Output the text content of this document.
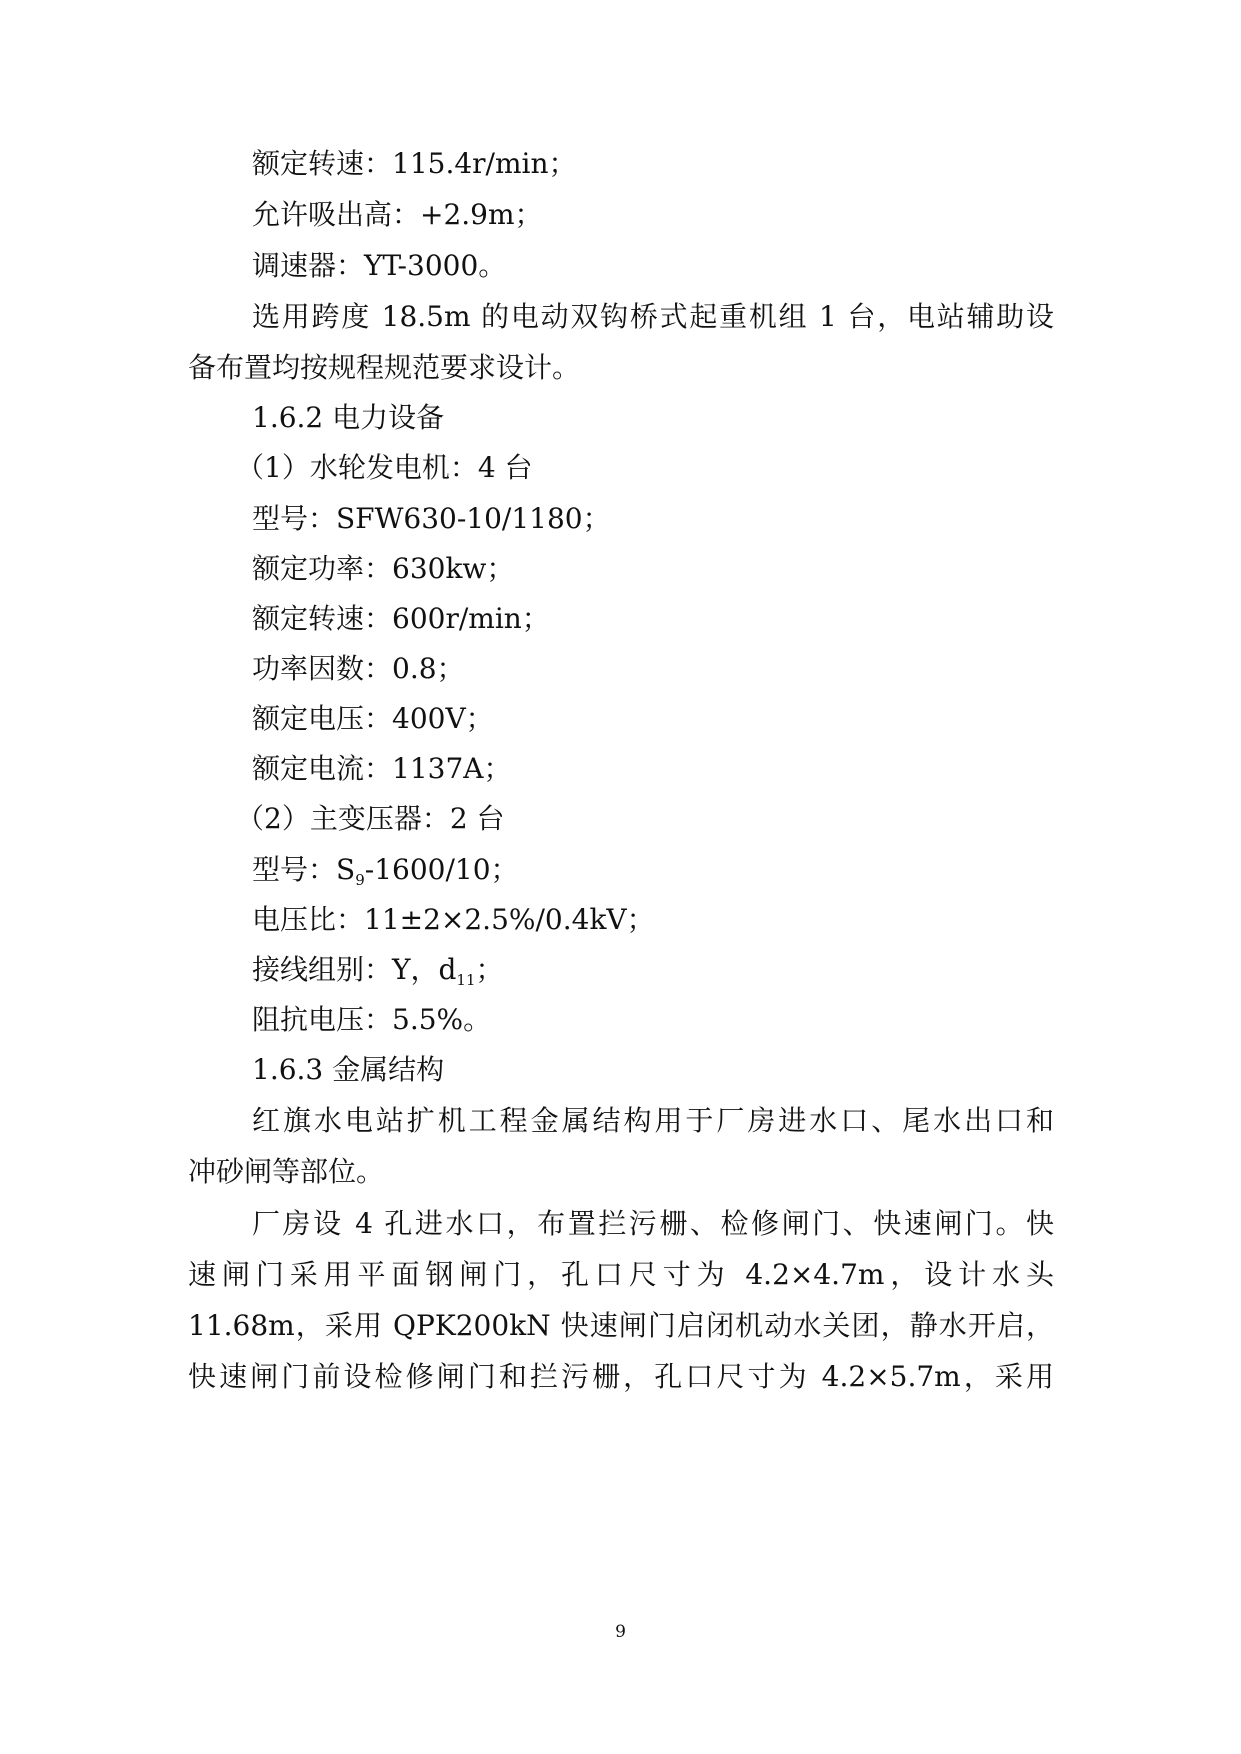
额定转速：115.4r/min；
允许吸出高：+2.9m；
调速器：YT-3000。
选用跨度 18.5m 的电动双钩桥式起重机组 1 台，电站辅助设
备布置均按规程规范要求设计。
1.6.2 电力设备
（1）水轮发电机：4 台
型号：SFW630-10/1180；
额定功率：630kw；
额定转速：600r/min；
功率因数：0.8；
额定电压：400V；
额定电流：1137A；
（2）主变压器：2 台
型号：$S_9-1600/10$；
电压比：11±2×2.5%/0.4kV；
接线组别：Y，$d_{11}$；
阻抗电压：5.5%。
1.6.3 金属结构
红旗水电站扩机工程金属结构用于厂房进水口、尾水出口和
冲砂闸等部位。
厂房设 4 孔进水口，布置拦污栅、检修闸门、快速闸门。快
速闸门采用平面钢闸门，孔口尺寸为 4.2×4.7m，设计水头
11.68m，采用 QPK200kN 快速闸门启闭机动水关团，静水开启，
快速闸门前设检修闸门和拦污栅，孔口尺寸为 4.2×5.7m，采用
9
